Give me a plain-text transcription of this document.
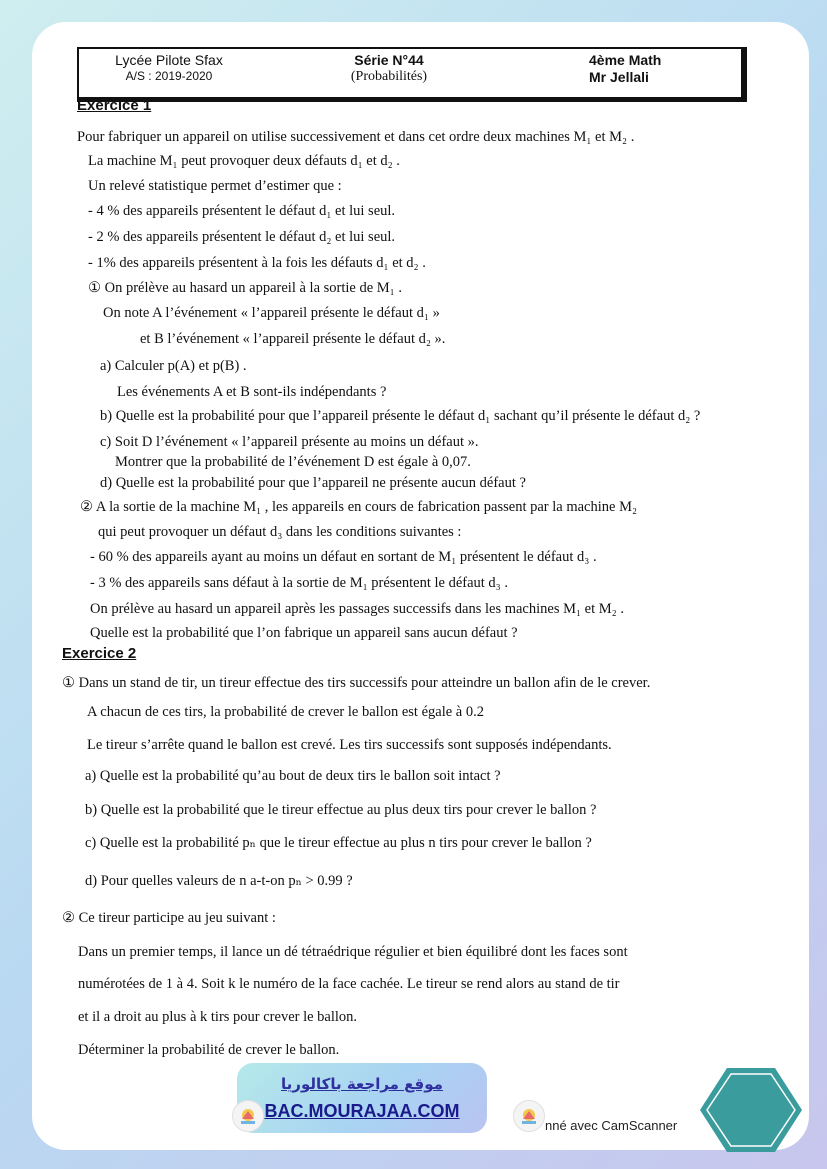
Lycée Pilote Sfax
A/S : 2019-2020
Série N°44
(Probabilités)
4ème Math
Mr Jellali
Exercice 1
Pour fabriquer un appareil on utilise successivement et dans cet ordre deux machines M₁ et M₂ .
La machine M₁ peut provoquer deux défauts d₁ et d₂ .
Un relevé statistique permet d’estimer que :
- 4 % des appareils présentent le défaut d₁ et lui seul.
- 2 % des appareils présentent le défaut d₂ et lui seul.
- 1% des appareils présentent à la fois les défauts d₁ et d₂ .
① On prélève au hasard un appareil à la sortie de M₁ .
On note A l’événement « l’appareil présente le défaut d₁ »
et B l’événement « l’appareil présente le défaut d₂ ».
a) Calculer p(A) et p(B) .
Les événements A et B sont-ils indépendants ?
b) Quelle est la probabilité pour que l’appareil présente le défaut d₁ sachant qu’il présente le défaut d₂ ?
c) Soit D l’événement « l’appareil présente au moins un défaut ».
Montrer que la probabilité de l’événement D est égale à 0,07.
d) Quelle est la probabilité pour que l’appareil ne présente aucun défaut ?
② A la sortie de la machine M₁ , les appareils en cours de fabrication passent par la machine M₂
qui peut provoquer un défaut d₃ dans les conditions suivantes :
- 60 % des appareils ayant au moins un défaut en sortant de M₁ présentent le défaut d₃ .
- 3 % des appareils sans défaut à la sortie de M₁ présentent le défaut d₃ .
On prélève au hasard un appareil après les passages successifs dans les machines M₁ et M₂ .
Quelle est la probabilité que l’on fabrique un appareil sans aucun défaut ?
Exercice 2
① Dans un stand de tir, un tireur effectue des tirs successifs pour atteindre un ballon afin de le crever.
A chacun de ces tirs, la probabilité de crever le ballon est égale à 0.2
Le tireur s’arrête quand le ballon est crevé. Les tirs successifs sont supposés indépendants.
a) Quelle est la probabilité qu’au bout de deux tirs le ballon soit intact ?
b) Quelle est la probabilité que le tireur effectue au plus deux tirs pour crever le ballon ?
c) Quelle est la probabilité pₙ que le tireur effectue au plus n tirs pour crever le ballon ?
d) Pour quelles valeurs de n a-t-on pₙ > 0.99 ?
② Ce tireur participe au jeu suivant :
Dans un premier temps, il lance un dé tétraédrique régulier et bien équilibré dont les faces sont
numérotées de 1 à 4. Soit k le numéro de la face cachée. Le tireur se rend alors au stand de tir
et il a droit au plus à k tirs pour crever le ballon.
Déterminer la probabilité de crever le ballon.
موقع مراجعة باكالوريا
BAC.MOURAJAA.COM
nné avec CamScanner
